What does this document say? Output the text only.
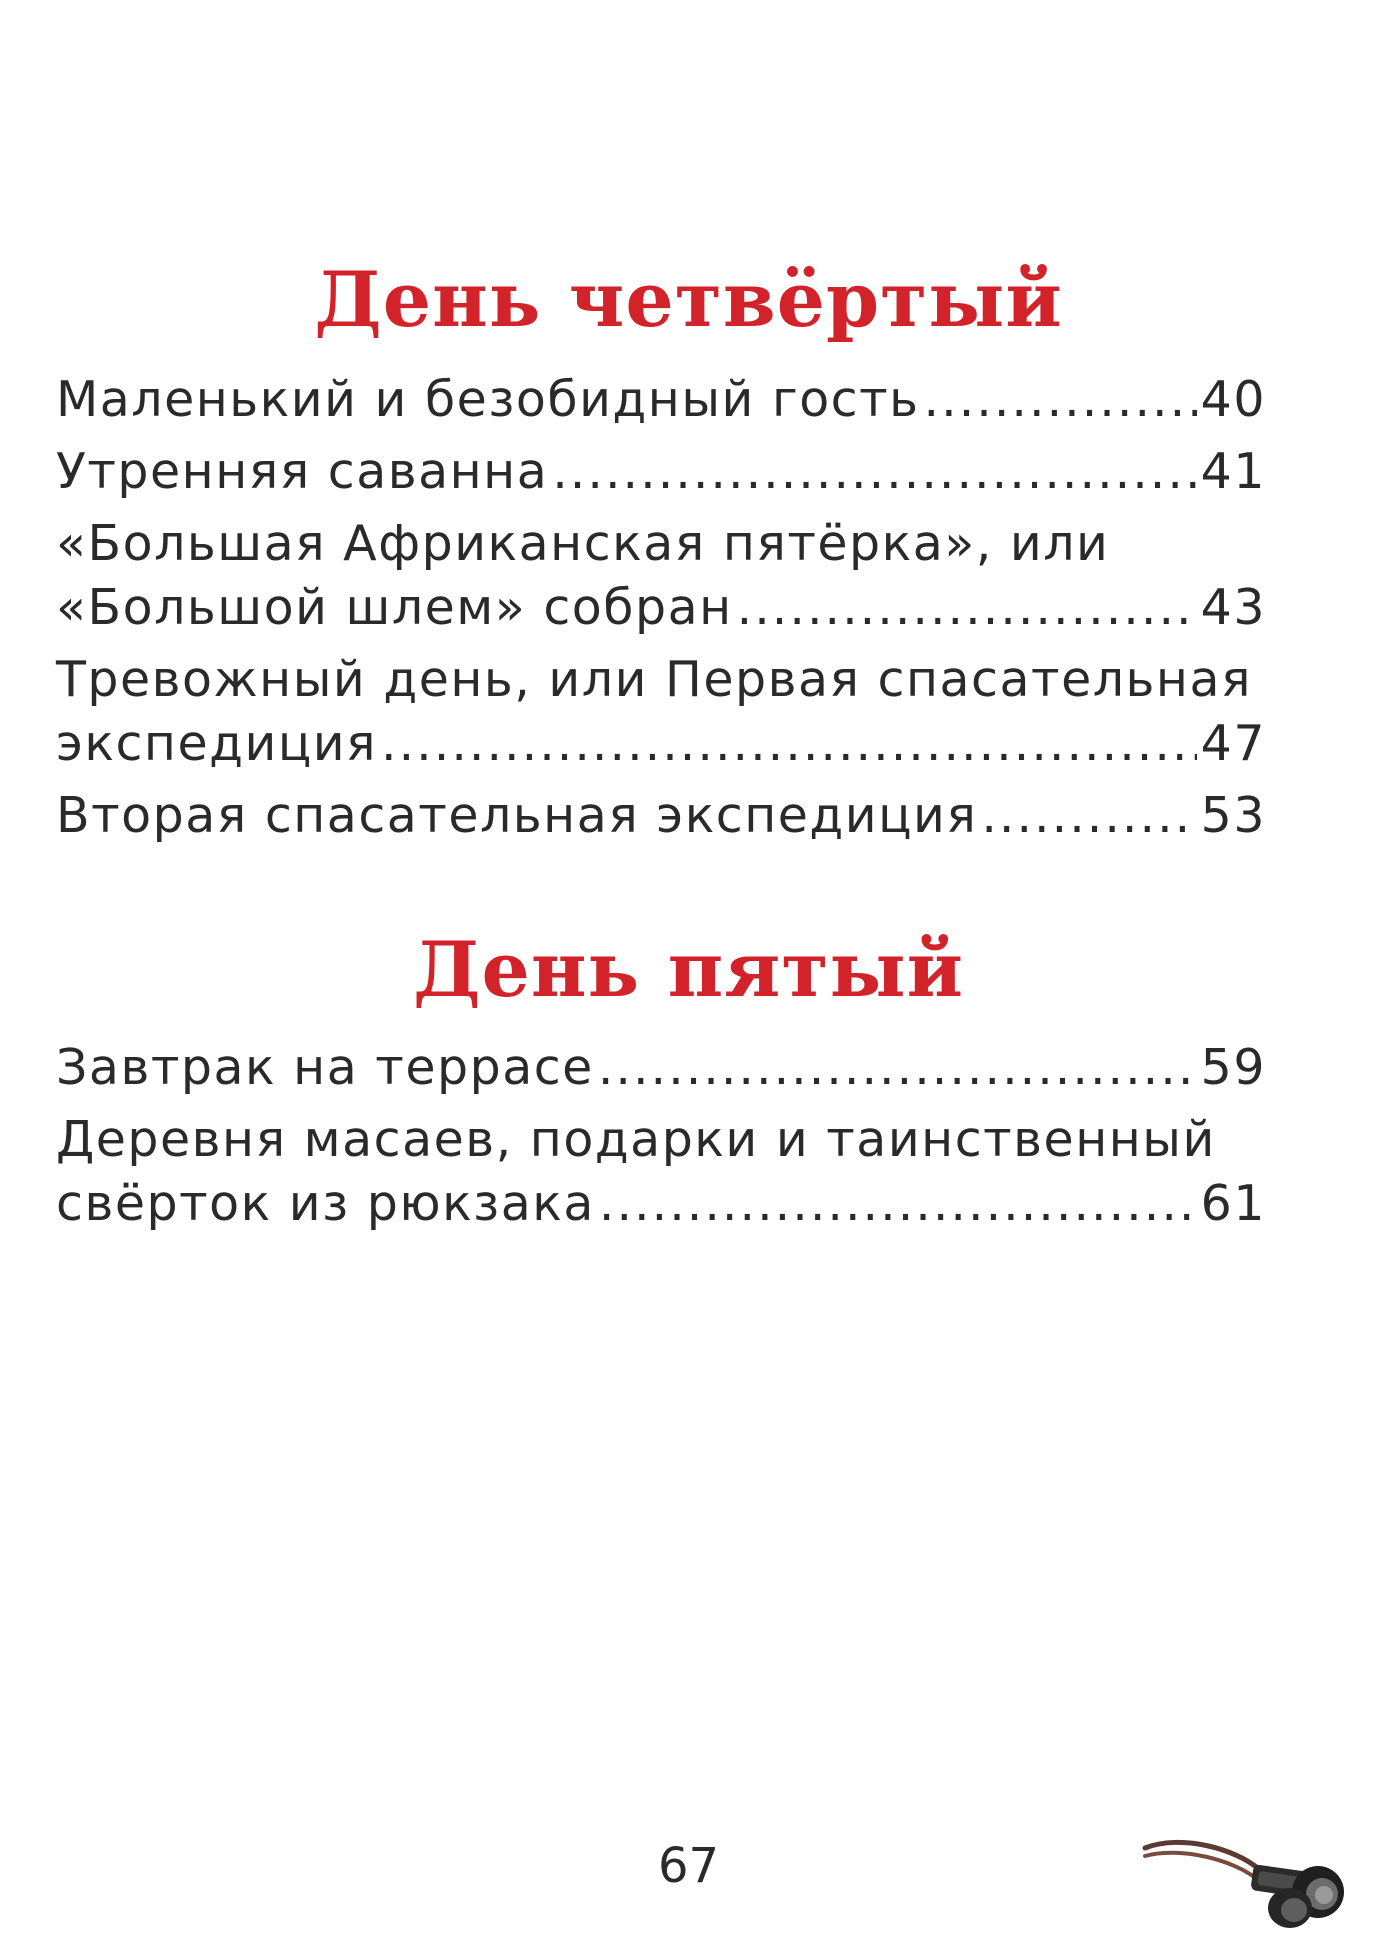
День четвёртый
Маленький и безобидный гость .....	40
Утренняя саванна .....	41
«Большая Африканская пятёрка», или
«Большой шлем» собран .....	43
Тревожный день, или Первая спасательная
экспедиция .....	47
Вторая спасательная экспедиция .....	53
День пятый
Завтрак на террасе .....	59
Деревня масаев, подарки и таинственный
свёрток из рюкзака .....	61
67
